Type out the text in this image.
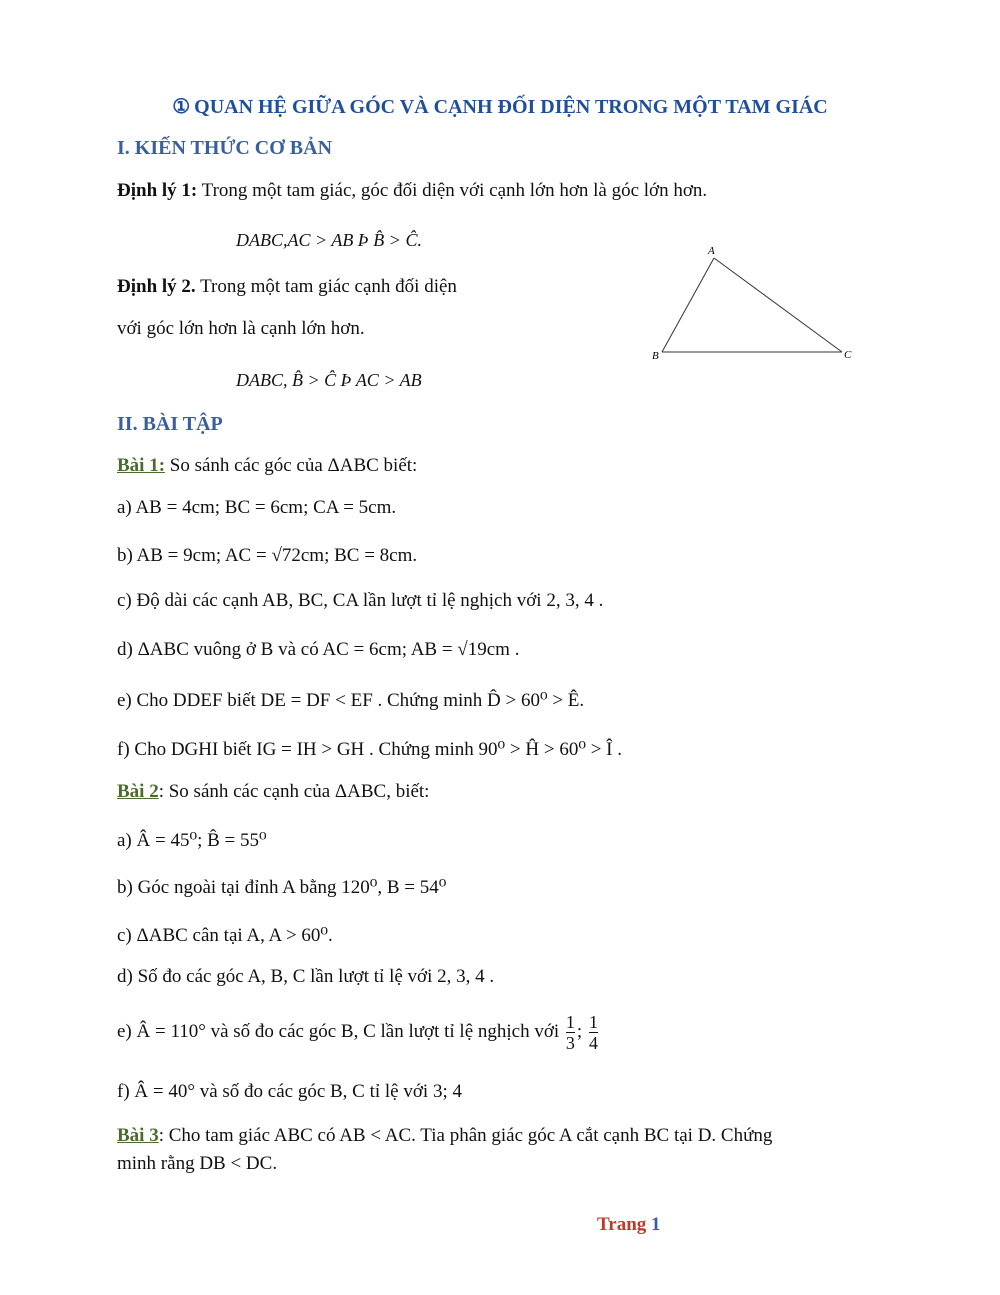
① QUAN HỆ GIỮA GÓC VÀ CẠNH ĐỐI DIỆN TRONG MỘT TAM GIÁC
I. KIẾN THỨC CƠ BẢN
Định lý 1: Trong một tam giác, góc đối diện với cạnh lớn hơn là góc lớn hơn.
DABC,AC > AB Þ B̂ > Ĉ.
Định lý 2. Trong một tam giác cạnh đối diện
với góc lớn hơn là cạnh lớn hơn.
DABC, B̂ > Ĉ Þ AC > AB
A
B	C
II. BÀI TẬP
Bài 1: So sánh các góc của ΔABC biết:
a) AB = 4cm; BC = 6cm; CA = 5cm.
b) AB = 9cm; AC = √72cm; BC = 8cm.
c) Độ dài các cạnh AB, BC, CA lần lượt tỉ lệ nghịch với 2, 3, 4 .
d) ΔABC vuông ở B và có AC = 6cm; AB = √19cm .
e) Cho DDEF biết DE = DF < EF . Chứng minh D̂ > 60⁰ > Ê.
f) Cho DGHI biết IG = IH > GH . Chứng minh 90⁰ > Ĥ > 60⁰ > Î .
Bài 2: So sánh các cạnh của ΔABC, biết:
a) Â = 45⁰; B̂ = 55⁰
b) Góc ngoài tại đỉnh A bằng 120⁰, B = 54⁰
c) ΔABC cân tại A, A > 60⁰.
d) Số đo các góc A, B, C lần lượt tỉ lệ với 2, 3, 4 .
e) Â = 110° và số đo các góc B, C lần lượt tỉ lệ nghịch với $\frac{1}{3}$ ; $\frac{1}{4}$
f) Â = 40° và số đo các góc B, C tỉ lệ với 3; 4
Bài 3: Cho tam giác ABC có AB < AC. Tia phân giác góc A cắt cạnh BC tại D. Chứng
minh rằng DB < DC.
Trang 1
